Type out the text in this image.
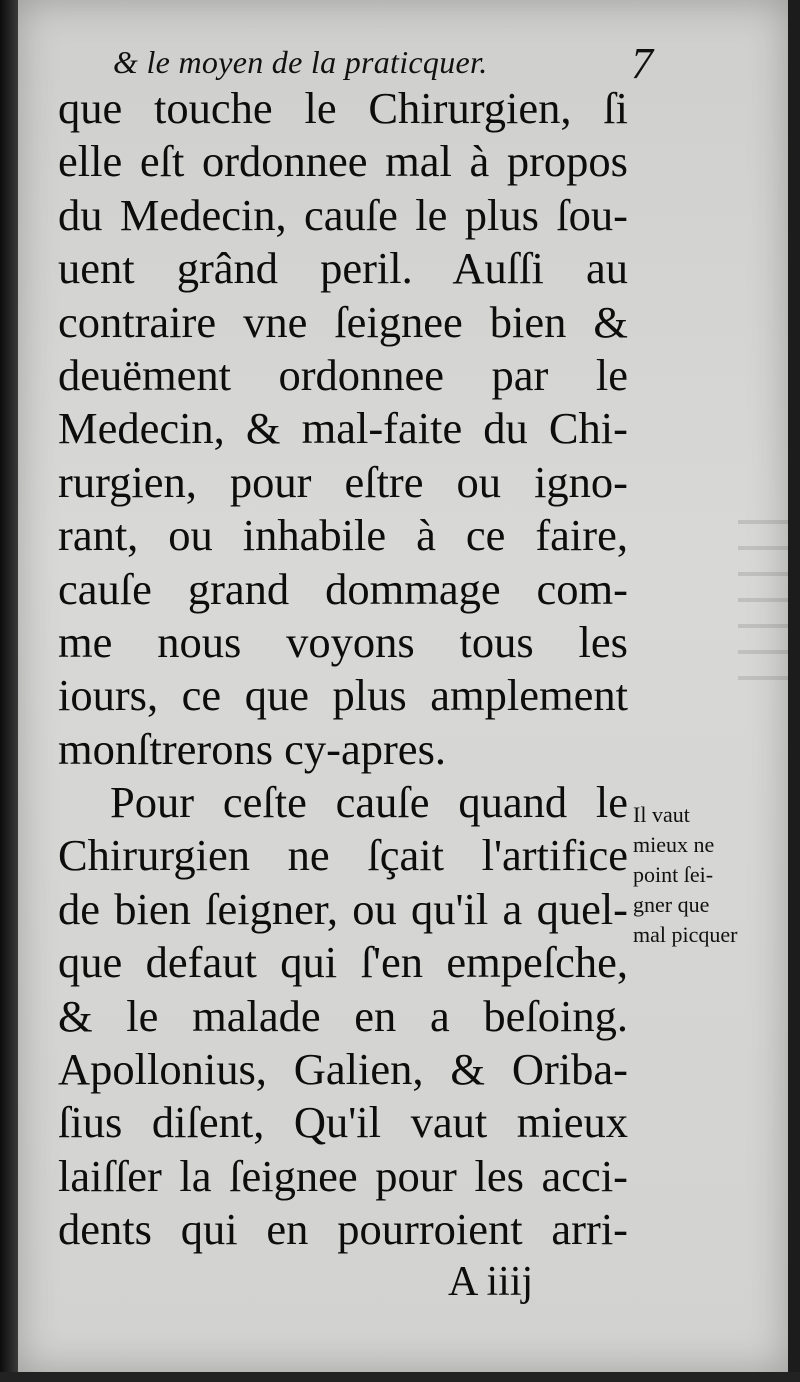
& le moyen de la praticquer.	7
que touche le Chirurgien, ſi
elle eſt ordonnee mal à propos
du Medecin, cauſe le plus ſou-
uent grând peril. Auſſi au
contraire vne ſeignee bien &
deuëment ordonnee par le
Medecin, & mal-faite du Chi-
rurgien, pour eſtre ou igno-
rant, ou inhabile à ce faire,
cauſe grand dommage com-
me nous voyons tous les
iours, ce que plus amplement
monſtrerons cy-apres.
Pour ceſte cauſe quand le
Chirurgien ne ſçait l'artifice
de bien ſeigner, ou qu'il a quel-
que defaut qui ſ'en empeſche,
& le malade en a beſoing.
Apollonius, Galien, & Oriba-
ſius diſent, Qu'il vaut mieux
laiſſer la ſeignee pour les acci-
dents qui en pourroient arri-
A iiij
Il vaut
mieux ne
point ſei-
gner que
mal picquer
